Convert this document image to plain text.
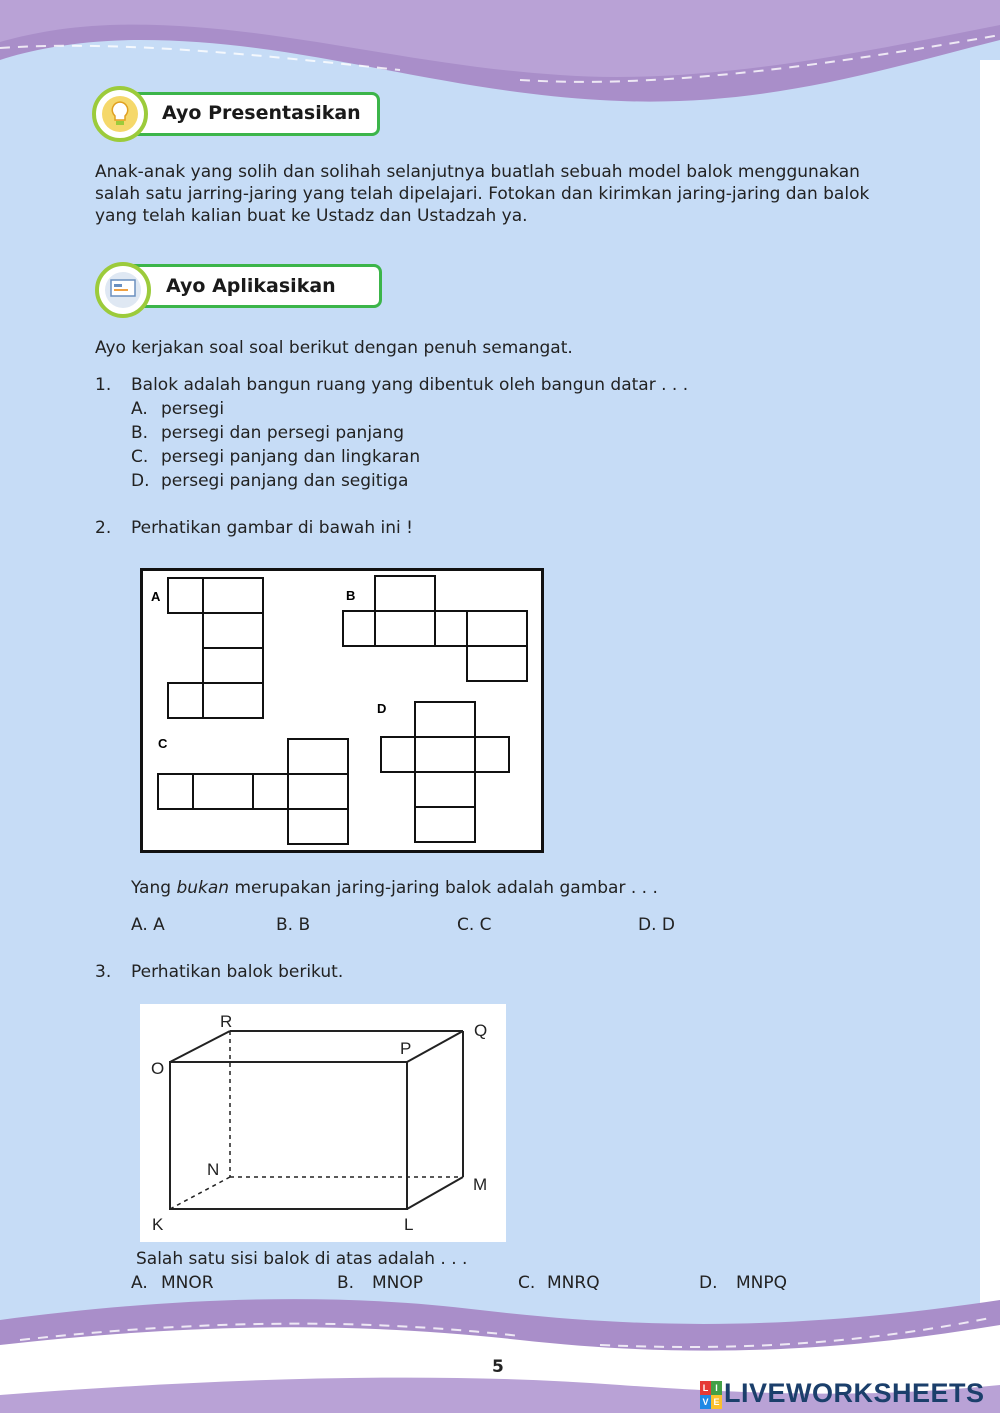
Ayo Presentasikan
Anak-anak yang solih dan solihah selanjutnya buatlah sebuah model balok menggunakan salah satu jarring-jaring yang telah dipelajari. Fotokan dan kirimkan jaring-jaring dan balok yang telah kalian buat ke Ustadz dan Ustadzah ya.
Ayo Aplikasikan
Ayo kerjakan soal soal berikut dengan penuh semangat.
1. Balok adalah bangun ruang yang dibentuk oleh bangun datar . . .
A. persegi
B. persegi dan persegi panjang
C. persegi panjang dan lingkaran
D. persegi panjang dan segitiga
2. Perhatikan gambar di bawah ini !
A	B
C
D
Yang bukan merupakan jaring-jaring balok adalah gambar . . .
A. A	B. B	C. C	D. D
3. Perhatikan balok berikut.
R	Q
O
P
N
M
K	L
Salah satu sisi balok di atas adalah . . .
A. MNOR	B. MNOP	C. MNRQ	D. MNPQ
5
L I
V E LIVEWORKSHEETS
